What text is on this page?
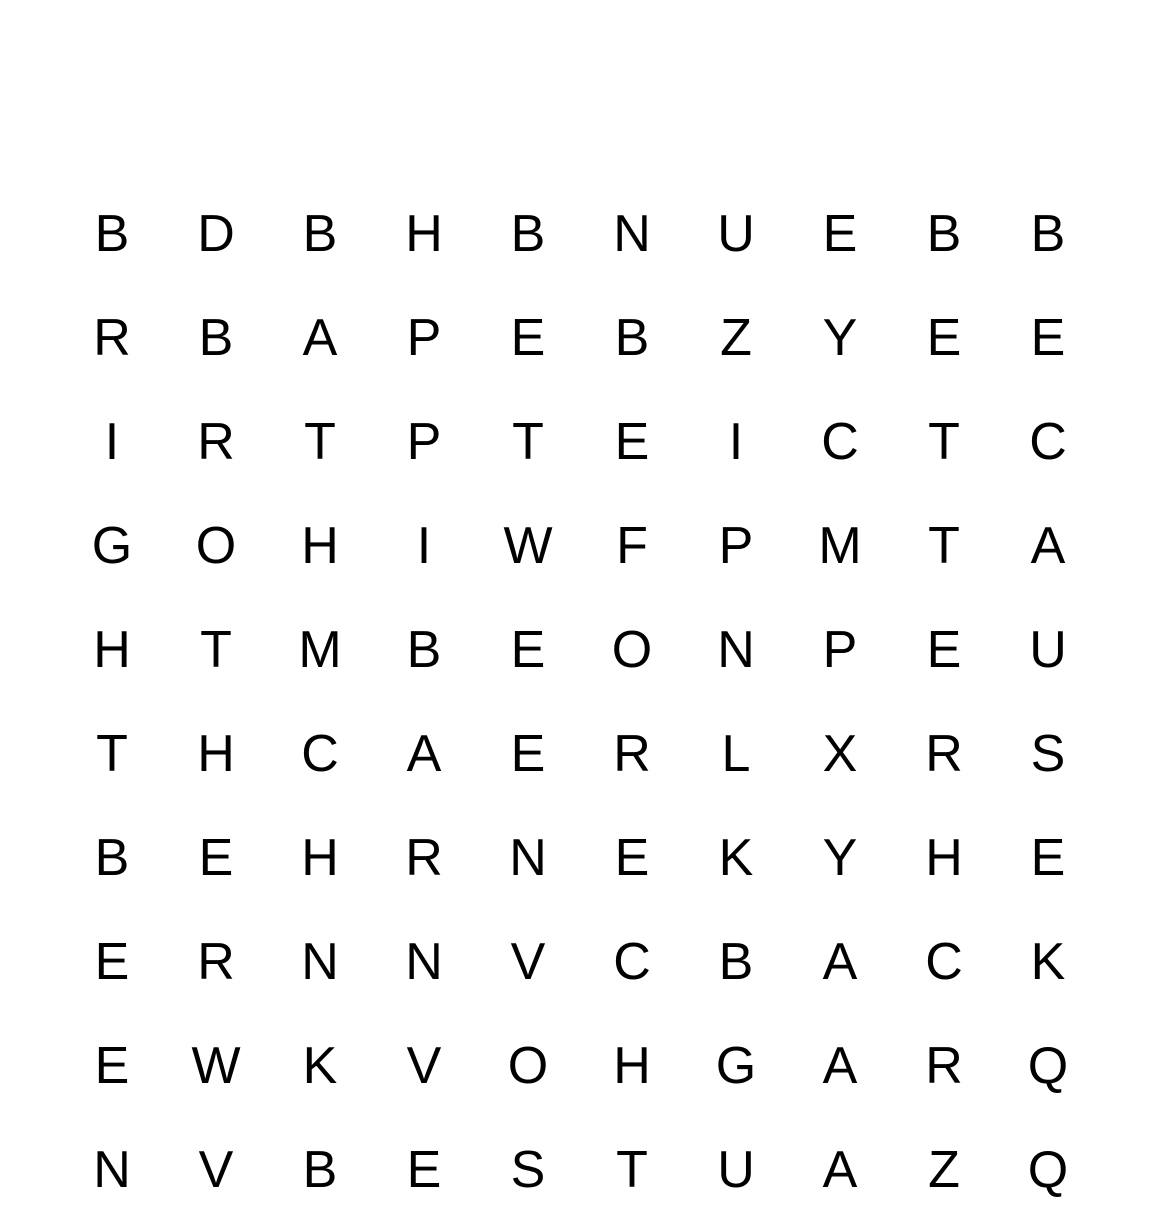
B	D	B	H	B	N	U	E	B	B
R	B	A	P	E	B	Z	Y	E	E
I	R	T	P	T	E	I	C	T	C
G	O	H	I	W	F	P	M	T	A
H	T	M	B	E	O	N	P	E	U
T	H	C	A	E	R	L	X	R	S
B	E	H	R	N	E	K	Y	H	E
E	R	N	N	V	C	B	A	C	K
E	W	K	V	O	H	G	A	R	Q
N	V	B	E	S	T	U	A	Z	Q
